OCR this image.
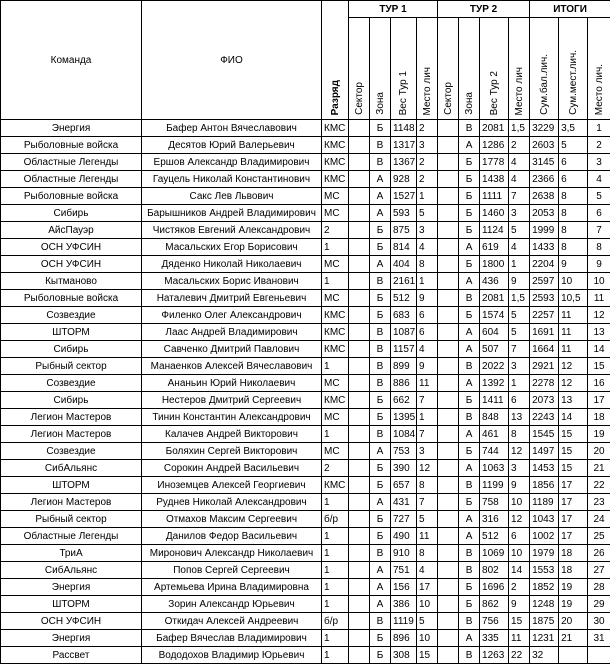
Команда	ФИО	Разряд	ТУР 1				ТУР 2				ИТОГИ		

			Сектор	Зона	Вес Тур 1	Место лич	Сектор	Зона	Вес Тур 2	Место лич	Сум.бал.лич.	Сум.мест.лич.	Место лич.

Энергия	Бафер Антон Вячеславович	КМС		Б	1148	2		В	2081	1,5	3229	3,5	1
Рыболовные войска	Десятов Юрий Валерьевич	КМС		В	1317	3		А	1286	2	2603	5	2
Областные Легенды	Ершов Александр Владимирович	КМС		В	1367	2		Б	1778	4	3145	6	3
Областные Легенды	Гауцель Николай Константинович	КМС		А	928	2		Б	1438	4	2366	6	4
Рыболовные войска	Сакс Лев Львович	МС		А	1527	1		Б	1111	7	2638	8	5
Сибирь	Барышников Андрей Владимирович	МС		А	593	5		Б	1460	3	2053	8	6
АйсПауэр	Чистяков Евгений Александрович	2		Б	875	3		Б	1124	5	1999	8	7
ОСН УФСИН	Масальских Егор Борисович	1		Б	814	4		А	619	4	1433	8	8
ОСН УФСИН	Дяденко Николай Николаевич	МС		А	404	8		Б	1800	1	2204	9	9
Кытманово	Масальских Борис Иванович	1		В	2161	1		А	436	9	2597	10	10
Рыболовные войска	Наталевич Дмитрий Евгеньевич	МС		Б	512	9		В	2081	1,5	2593	10,5	11
Созвездие	Филенко Олег Александрович	КМС		Б	683	6		Б	1574	5	2257	11	12
ШТОРМ	Лаас Андрей Владимирович	КМС		В	1087	6		А	604	5	1691	11	13
Сибирь	Савченко Дмитрий Павлович	КМС		В	1157	4		А	507	7	1664	11	14
Рыбный сектор	Манаенков Алексей Вячеславович	1		В	899	9		В	2022	3	2921	12	15
Созвездие	Ананьин Юрий Николаевич	МС		В	886	11		А	1392	1	2278	12	16
Сибирь	Нестеров Дмитрий Сергеевич	КМС		Б	662	7		Б	1411	6	2073	13	17
Легион Мастеров	Тинин Константин Александрович	МС		Б	1395	1		В	848	13	2243	14	18
Легион Мастеров	Калачев Андрей Викторович	1		В	1084	7		А	461	8	1545	15	19
Созвездие	Боляхин Сергей Викторович	МС		А	753	3		Б	744	12	1497	15	20
СибАльянс	Сорокин Андрей Васильевич	2		Б	390	12		А	1063	3	1453	15	21
ШТОРМ	Иноземцев Алексей Георгиевич	КМС		Б	657	8		В	1199	9	1856	17	22
Легион Мастеров	Руднев Николай Александрович	1		А	431	7		Б	758	10	1189	17	23
Рыбный сектор	Отмахов Максим Сергеевич	б/р		Б	727	5		А	316	12	1043	17	24
Областные Легенды	Данилов Федор Васильевич	1		Б	490	11		А	512	6	1002	17	25
ТриА	Миронович Александр Николаевич	1		В	910	8		В	1069	10	1979	18	26
СибАльянс	Попов Сергей Сергеевич	1		А	751	4		В	802	14	1553	18	27
Энергия	Артемьева Ирина Владимировна	1		А	156	17		Б	1696	2	1852	19	28
ШТОРМ	Зорин Александр Юрьевич	1		А	386	10		Б	862	9	1248	19	29
ОСН УФСИН	Откидач Алексей Андреевич	б/р		В	1119	5		В	756	15	1875	20	30
Энергия	Бафер Вячеслав Владимирович	1		Б	896	10		А	335	11	1231	21	31
Рассвет	Вододохов Владимир Юрьевич	1		Б	308	15		В	1263	22	32		
